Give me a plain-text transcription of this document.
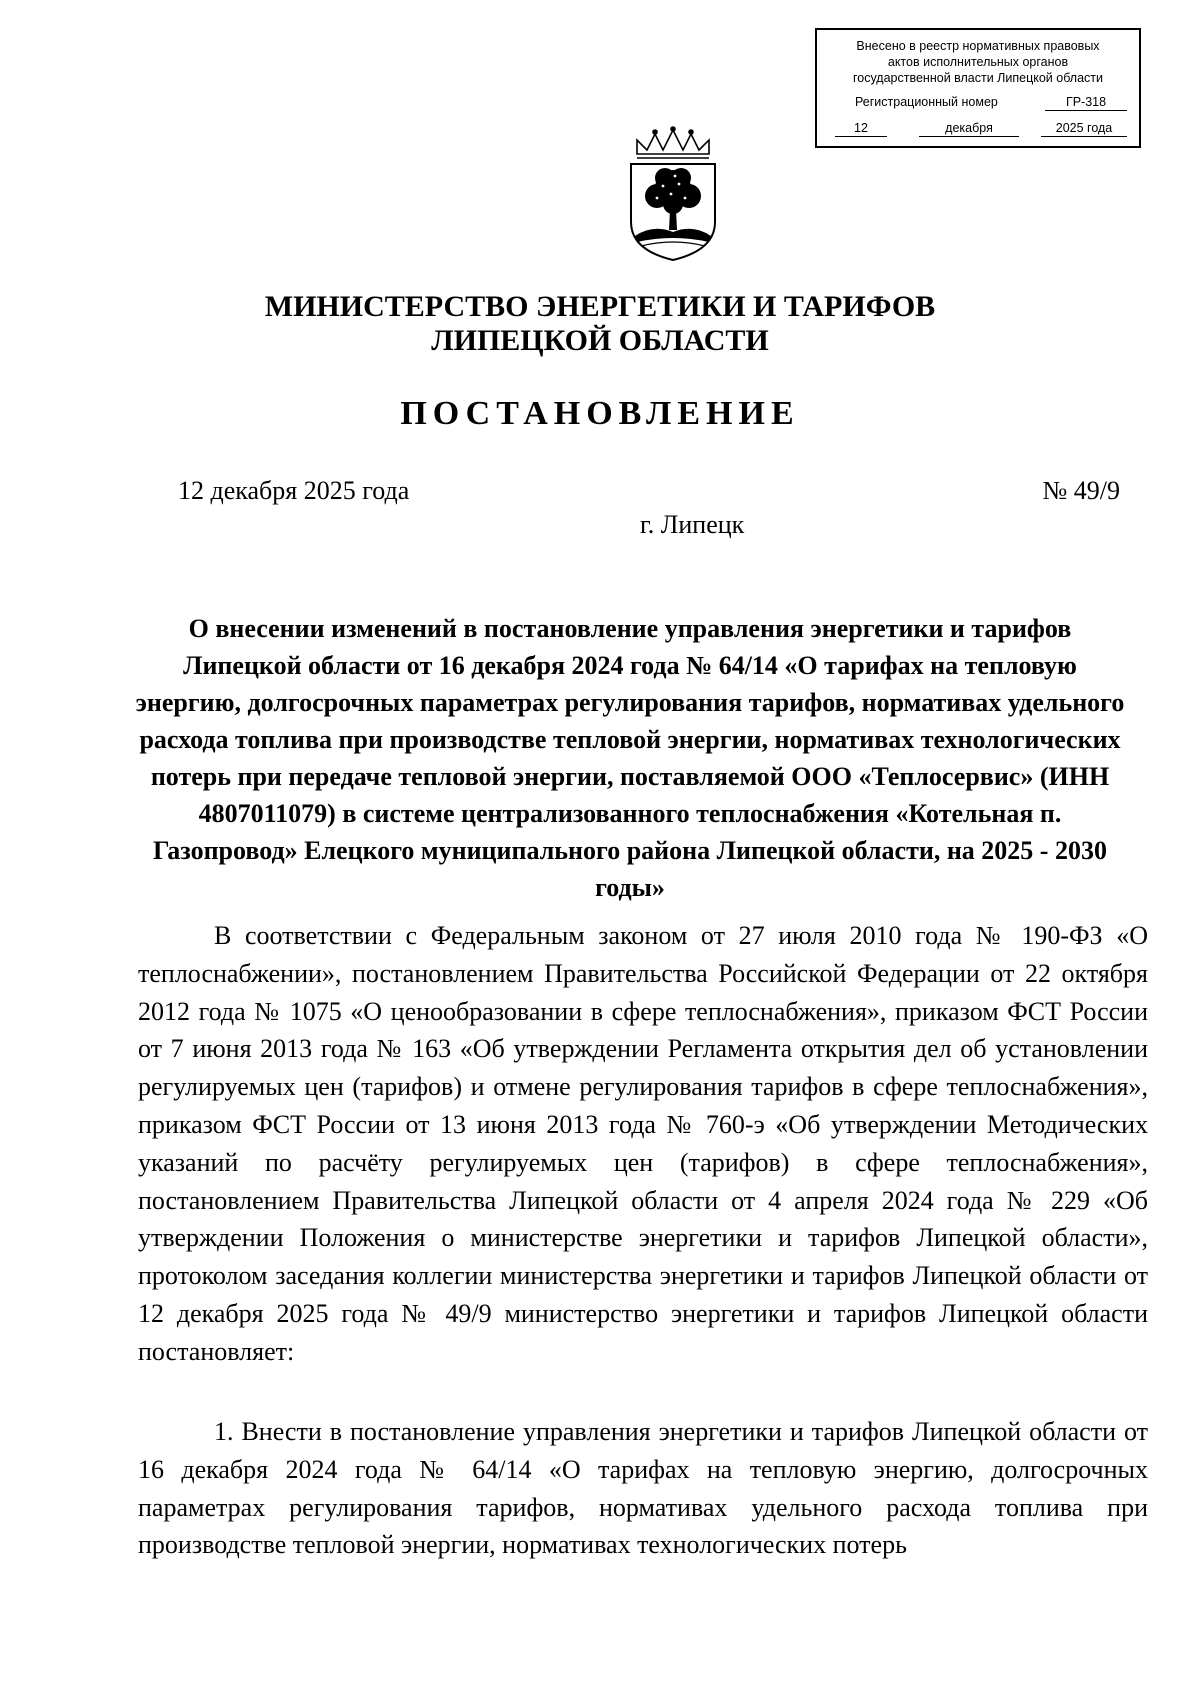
Внесено в реестр нормативных правовых
актов исполнительных органов
государственной власти Липецкой области
Регистрационный номер	ГР-318
12	декабря	2025 года
МИНИСТЕРСТВО ЭНЕРГЕТИКИ И ТАРИФОВ
ЛИПЕЦКОЙ ОБЛАСТИ
ПОСТАНОВЛЕНИЕ
12 декабря 2025 года	№ 49/9
г. Липецк
О внесении изменений в постановление управления энергетики и тарифов Липецкой области от 16 декабря 2024 года № 64/14 «О тарифах на тепловую энергию, долгосрочных параметрах регулирования тарифов, нормативах удельного расхода топлива при производстве тепловой энергии, нормативах технологических потерь при передаче тепловой энергии, поставляемой ООО «Теплосервис» (ИНН 4807011079) в системе централизованного теплоснабжения «Котельная п. Газопровод» Елецкого муниципального района Липецкой области, на 2025 - 2030 годы»
В соответствии с Федеральным законом от 27 июля 2010 года № 190-ФЗ «О теплоснабжении», постановлением Правительства Российской Федерации от 22 октября 2012 года № 1075 «О ценообразовании в сфере теплоснабжения», приказом ФСТ России от 7 июня 2013 года № 163 «Об утверждении Регламента открытия дел об установлении регулируемых цен (тарифов) и отмене регулирования тарифов в сфере теплоснабжения», приказом ФСТ России от 13 июня 2013 года № 760-э «Об утверждении Методических указаний по расчёту регулируемых цен (тарифов) в сфере теплоснабжения», постановлением Правительства Липецкой области от 4 апреля 2024 года № 229 «Об утверждении Положения о министерстве энергетики и тарифов Липецкой области», протоколом заседания коллегии министерства энергетики и тарифов Липецкой области от 12 декабря 2025 года № 49/9 министерство энергетики и тарифов Липецкой области постановляет:
1. Внести в постановление управления энергетики и тарифов Липецкой области от 16 декабря 2024 года № 64/14 «О тарифах на тепловую энергию, долгосрочных параметрах регулирования тарифов, нормативах удельного расхода топлива при производстве тепловой энергии, нормативах технологических потерь
